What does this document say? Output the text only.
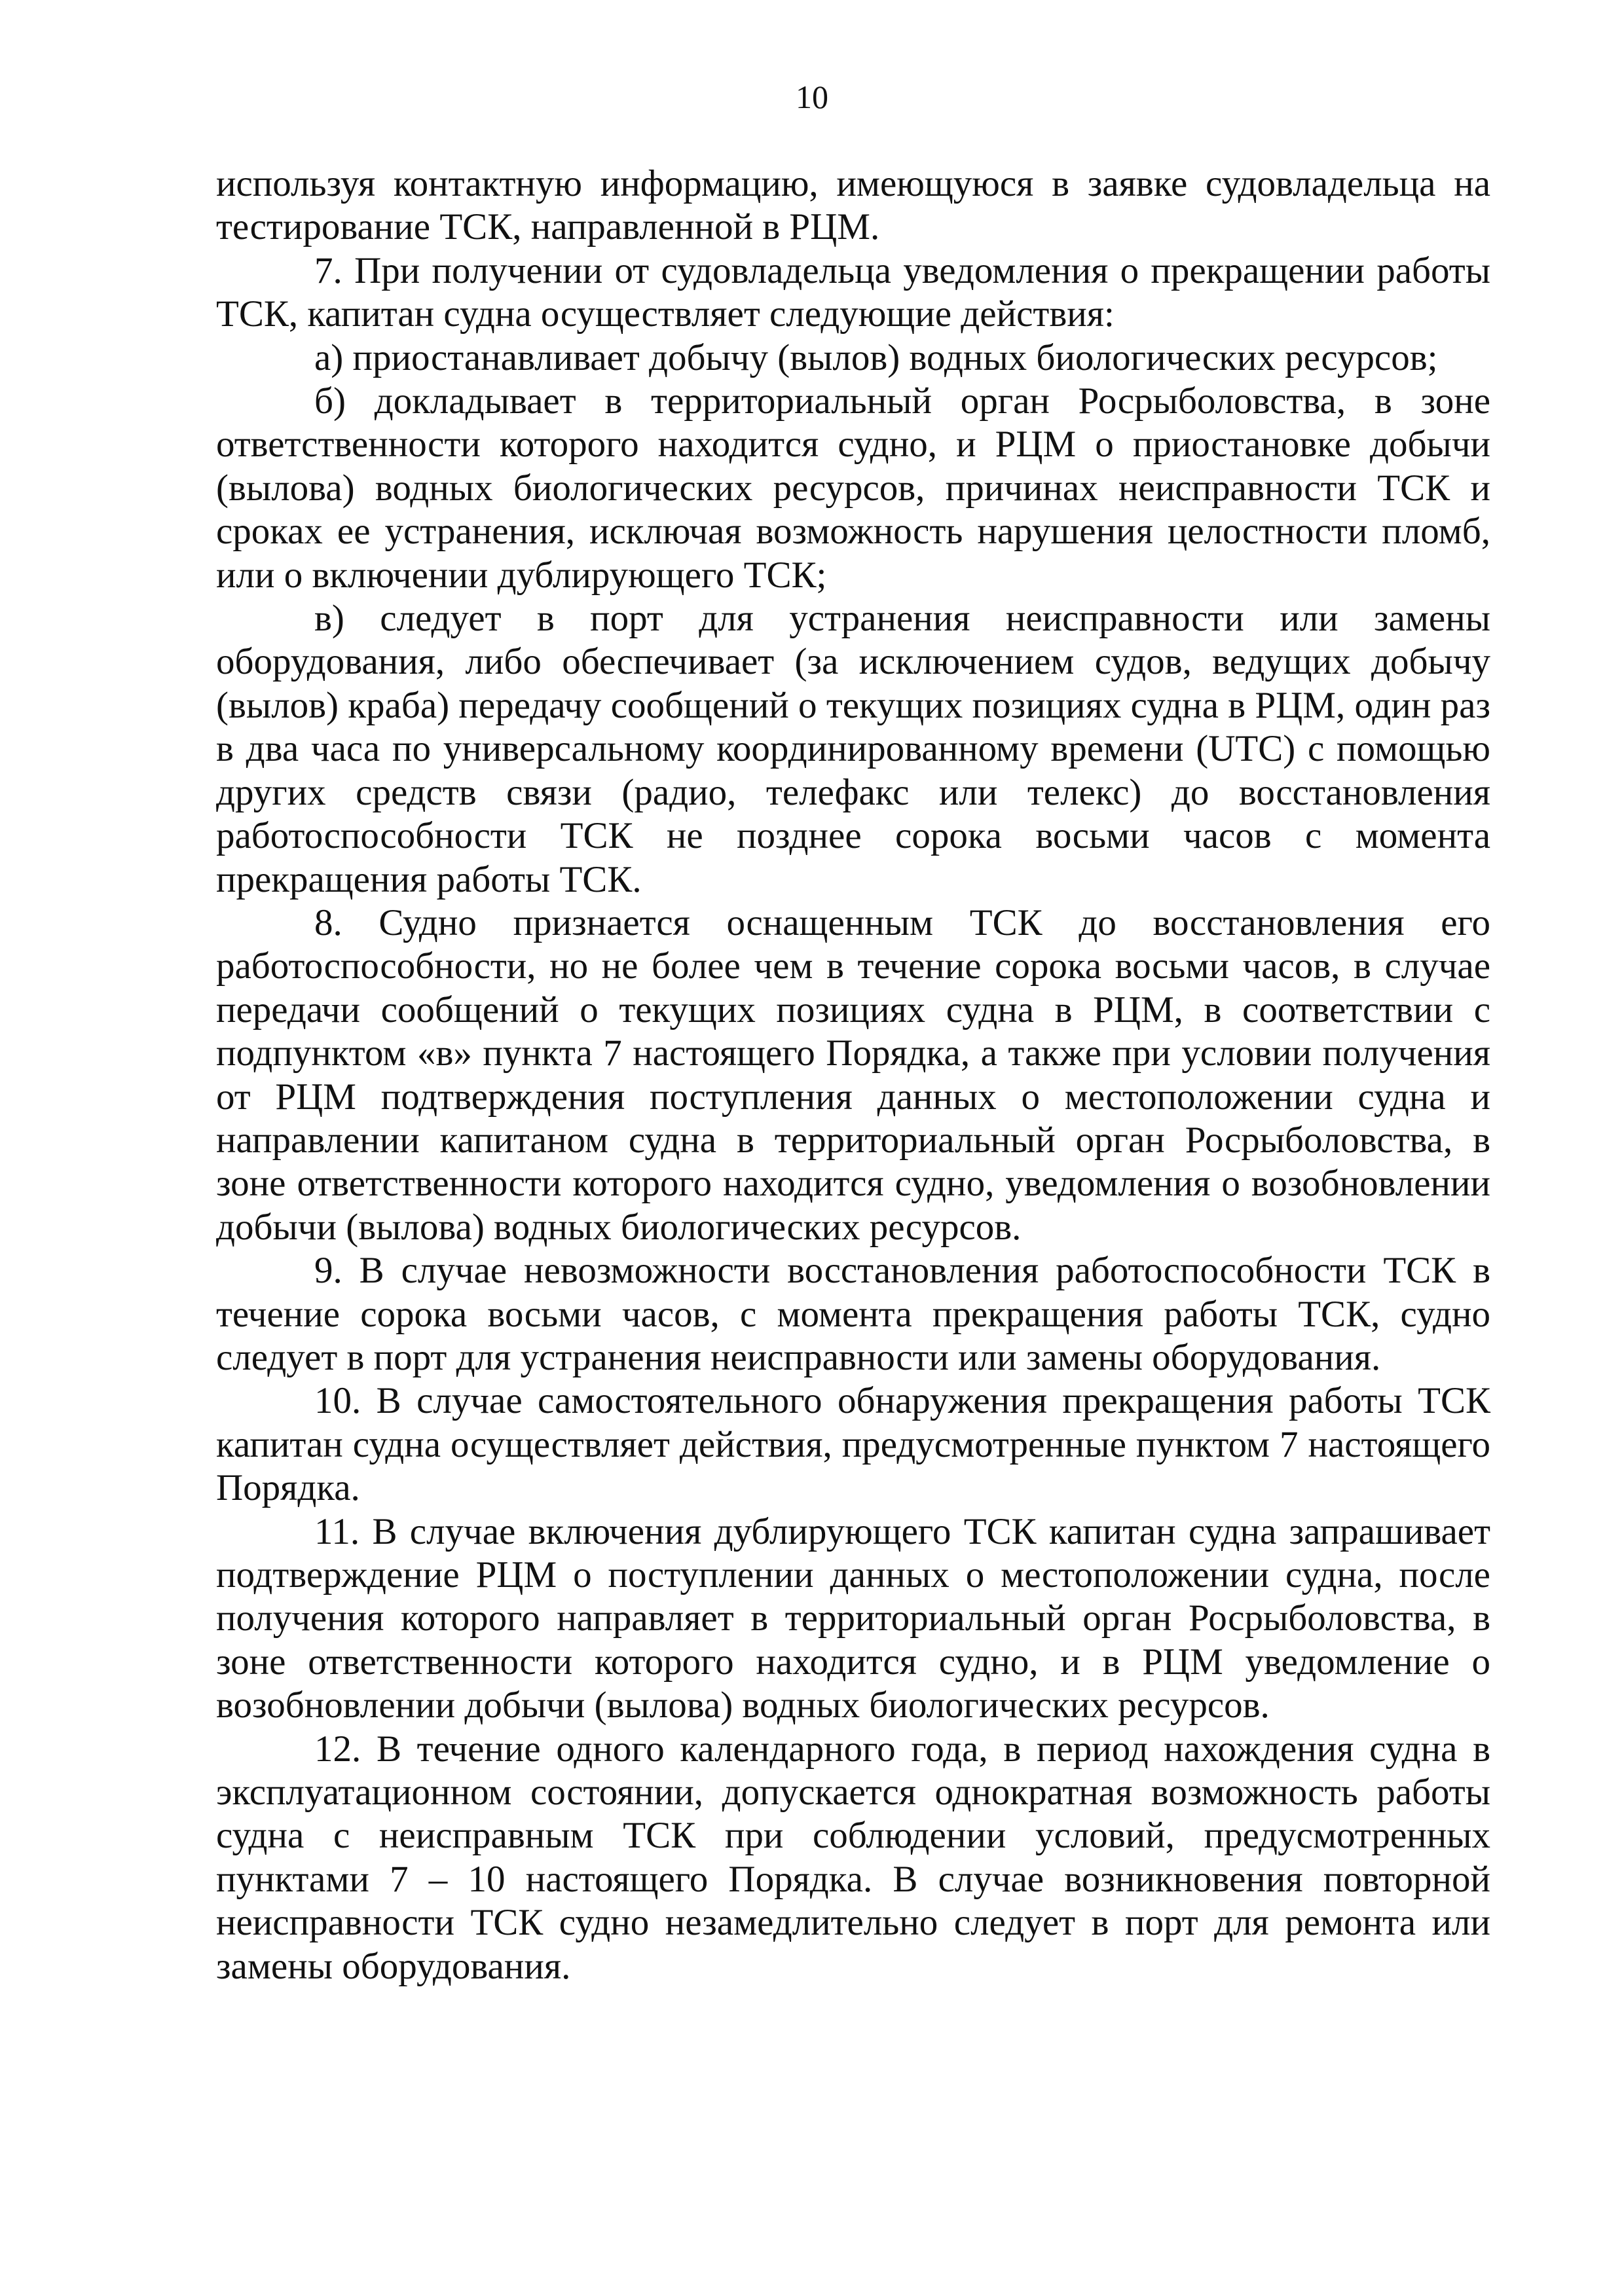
10

используя контактную информацию, имеющуюся в заявке судовладельца на тестирование ТСК, направленной в РЦМ.

7. При получении от судовладельца уведомления о прекращении работы ТСК, капитан судна осуществляет следующие действия:

а) приостанавливает добычу (вылов) водных биологических ресурсов;

б) докладывает в территориальный орган Росрыболовства, в зоне ответственности которого находится судно, и РЦМ о приостановке добычи (вылова) водных биологических ресурсов, причинах неисправности ТСК и сроках ее устранения, исключая возможность нарушения целостности пломб, или о включении дублирующего ТСК;

в) следует в порт для устранения неисправности или замены оборудования, либо обеспечивает (за исключением судов, ведущих добычу (вылов) краба) передачу сообщений о текущих позициях судна в РЦМ, один раз в два часа по универсальному координированному времени (UTC) с помощью других средств связи (радио, телефакс или телекс) до восстановления работоспособности ТСК не позднее сорока восьми часов с момента прекращения работы ТСК.

8. Судно признается оснащенным ТСК до восстановления его работоспособности, но не более чем в течение сорока восьми часов, в случае передачи сообщений о текущих позициях судна в РЦМ, в соответствии с подпунктом «в» пункта 7 настоящего Порядка, а также при условии получения от РЦМ подтверждения поступления данных о местоположении судна и направлении капитаном судна в территориальный орган Росрыболовства, в зоне ответственности которого находится судно, уведомления о возобновлении добычи (вылова) водных биологических ресурсов.

9. В случае невозможности восстановления работоспособности ТСК в течение сорока восьми часов, с момента прекращения работы ТСК, судно следует в порт для устранения неисправности или замены оборудования.

10. В случае самостоятельного обнаружения прекращения работы ТСК капитан судна осуществляет действия, предусмотренные пунктом 7 настоящего Порядка.

11. В случае включения дублирующего ТСК капитан судна запрашивает подтверждение РЦМ о поступлении данных о местоположении судна, после получения которого направляет в территориальный орган Росрыболовства, в зоне ответственности которого находится судно, и в РЦМ уведомление о возобновлении добычи (вылова) водных биологических ресурсов.

12. В течение одного календарного года, в период нахождения судна в эксплуатационном состоянии, допускается однократная возможность работы судна с неисправным ТСК при соблюдении условий, предусмотренных пунктами 7 – 10 настоящего Порядка. В случае возникновения повторной неисправности ТСК судно незамедлительно следует в порт для ремонта или замены оборудования.
